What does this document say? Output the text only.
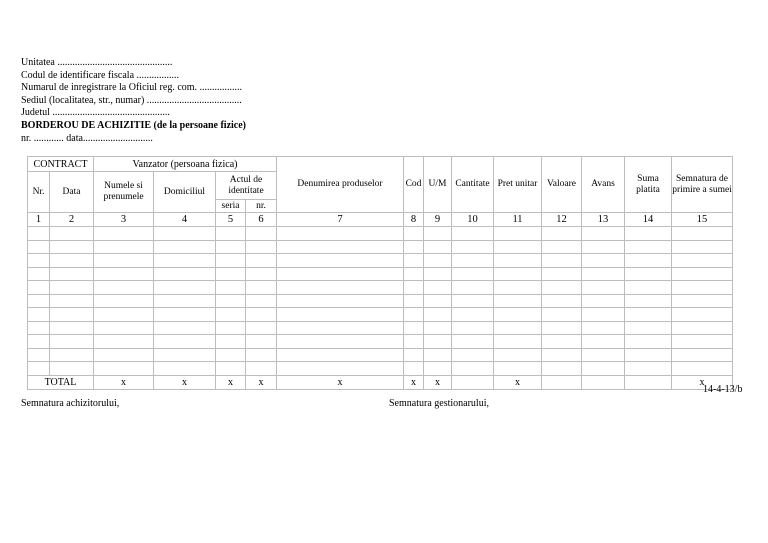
Unitatea ..............................................
Codul de identificare fiscala .................
Numarul de inregistrare la Oficiul reg. com. .................
Sediul (localitatea, str., numar) ......................................
Judetul ...............................................
BORDEROU DE ACHIZITIE (de la persoane fizice)
nr. ............ data............................
CONTRACT		Vanzator (persoana fizica)				Denumirea produselor	Cod	U/M	Cantitate	Pret unitar	Valoare	Avans	Suma platita	Semnatura de primire a sumei
Nr.	Data	Numele si prenumele	Domiciliul	Actul de identitate										
				seria	nr.									
1	2	3	4	5	6	7	8	9	10	11	12	13	14	15

TOTAL		x	x	x	x	x	x	x		x				x
14-4-13/b
Semnatura achizitorului,	Semnatura gestionarului,
